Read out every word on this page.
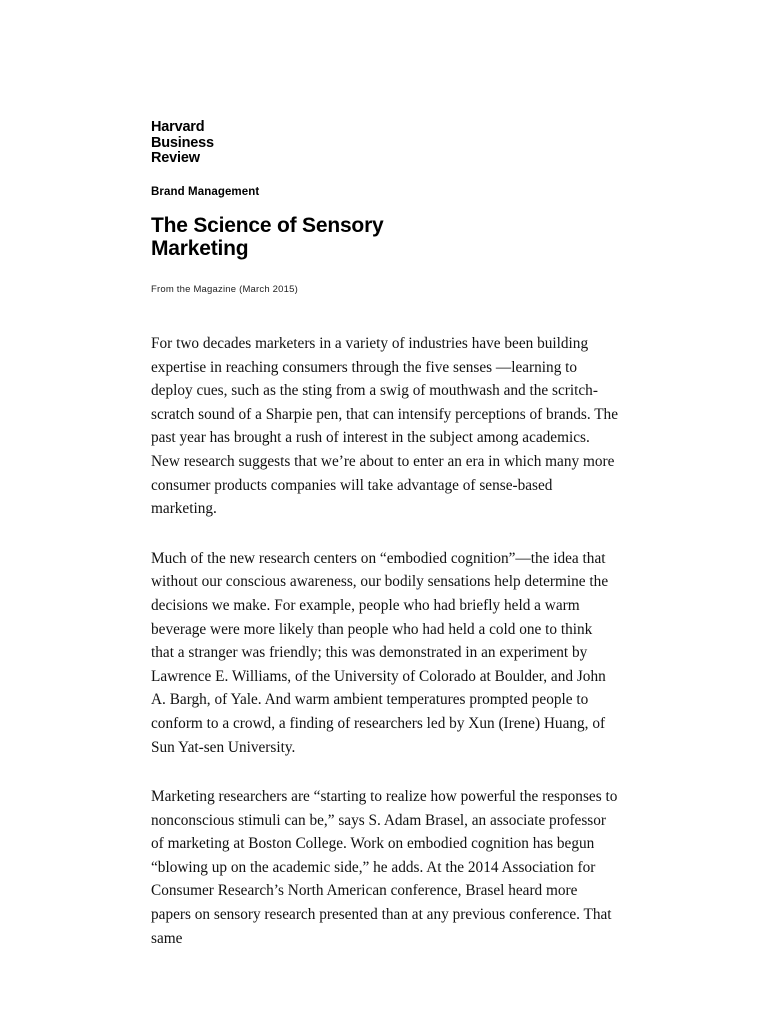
Harvard
Business
Review
Brand Management
The Science of Sensory Marketing
From the Magazine (March 2015)

For two decades marketers in a variety of industries have been building expertise in reaching consumers through the five senses —learning to deploy cues, such as the sting from a swig of mouthwash and the scritch-scratch sound of a Sharpie pen, that can intensify perceptions of brands. The past year has brought a rush of interest in the subject among academics. New research suggests that we’re about to enter an era in which many more consumer products companies will take advantage of sense-based marketing.

Much of the new research centers on “embodied cognition”—the idea that without our conscious awareness, our bodily sensations help determine the decisions we make. For example, people who had briefly held a warm beverage were more likely than people who had held a cold one to think that a stranger was friendly; this was demonstrated in an experiment by Lawrence E. Williams, of the University of Colorado at Boulder, and John A. Bargh, of Yale. And warm ambient temperatures prompted people to conform to a crowd, a finding of researchers led by Xun (Irene) Huang, of Sun Yat-sen University.

Marketing researchers are “starting to realize how powerful the responses to nonconscious stimuli can be,” says S. Adam Brasel, an associate professor of marketing at Boston College. Work on embodied cognition has begun “blowing up on the academic side,” he adds. At the 2014 Association for Consumer Research’s North American conference, Brasel heard more papers on sensory research presented than at any previous conference. That same
